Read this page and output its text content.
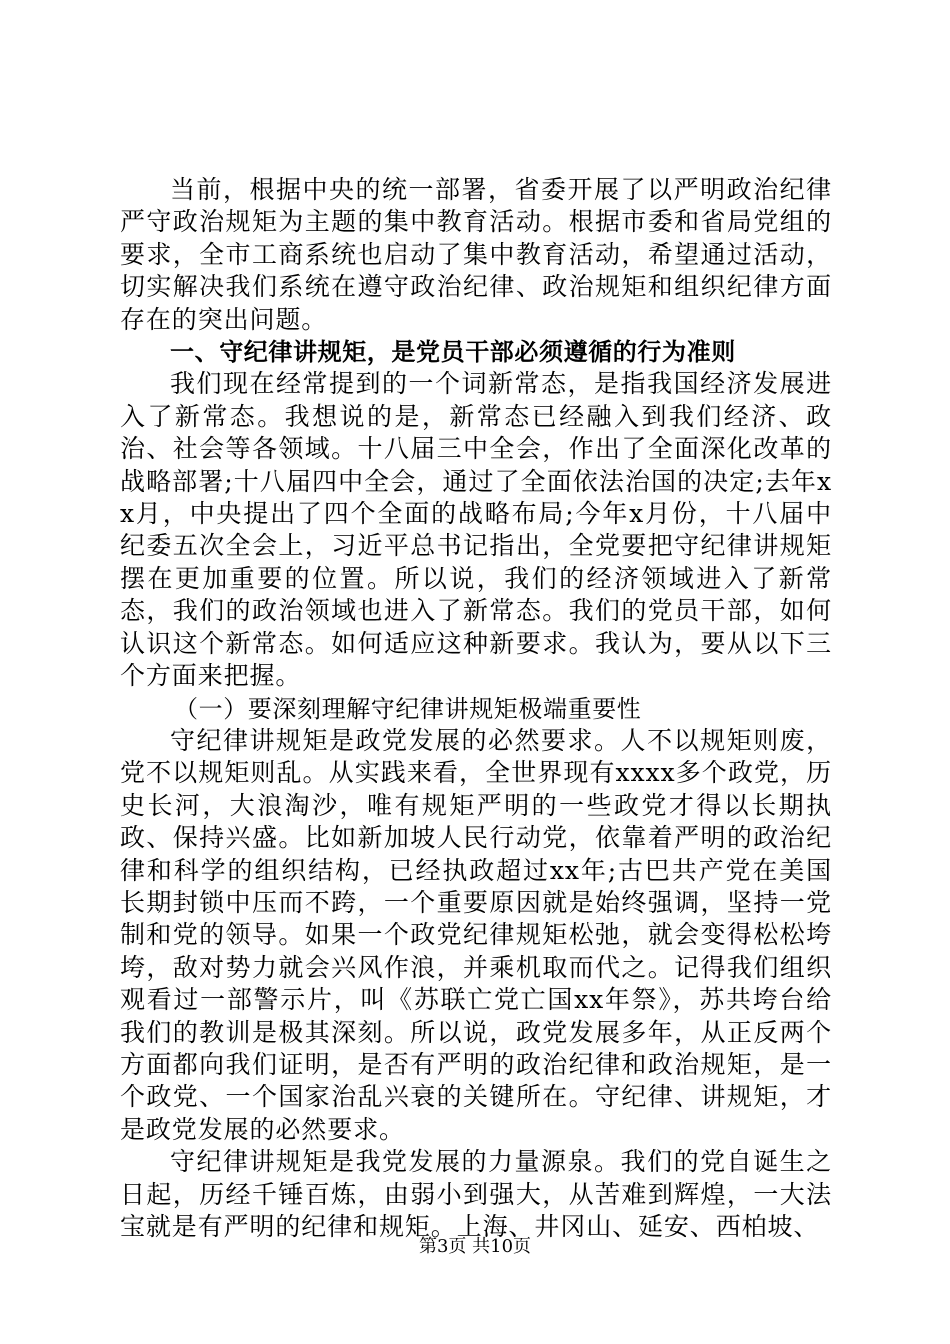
当前，根据中央的统一部署，省委开展了以严明政治纪律严守政治规矩为主题的集中教育活动。根据市委和省局党组的要求，全市工商系统也启动了集中教育活动，希望通过活动，切实解决我们系统在遵守政治纪律、政治规矩和组织纪律方面存在的突出问题。

一、守纪律讲规矩，是党员干部必须遵循的行为准则

我们现在经常提到的一个词新常态，是指我国经济发展进入了新常态。我想说的是，新常态已经融入到我们经济、政治、社会等各领域。十八届三中全会，作出了全面深化改革的战略部署;十八届四中全会，通过了全面依法治国的决定;去年xx月，中央提出了四个全面的战略布局;今年x月份，十八届中纪委五次全会上，习近平总书记指出，全党要把守纪律讲规矩摆在更加重要的位置。所以说，我们的经济领域进入了新常态，我们的政治领域也进入了新常态。我们的党员干部，如何认识这个新常态。如何适应这种新要求。我认为，要从以下三个方面来把握。

（一）要深刻理解守纪律讲规矩极端重要性

守纪律讲规矩是政党发展的必然要求。人不以规矩则废，党不以规矩则乱。从实践来看，全世界现有xxxx多个政党，历史长河，大浪淘沙，唯有规矩严明的一些政党才得以长期执政、保持兴盛。比如新加坡人民行动党，依靠着严明的政治纪律和科学的组织结构，已经执政超过xx年;古巴共产党在美国长期封锁中压而不跨，一个重要原因就是始终强调，坚持一党制和党的领导。如果一个政党纪律规矩松弛，就会变得松松垮垮，敌对势力就会兴风作浪，并乘机取而代之。记得我们组织观看过一部警示片，叫《苏联亡党亡国xx年祭》，苏共垮台给我们的教训是极其深刻。所以说，政党发展多年，从正反两个方面都向我们证明，是否有严明的政治纪律和政治规矩，是一个政党、一个国家治乱兴衰的关键所在。守纪律、讲规矩，才是政党发展的必然要求。

守纪律讲规矩是我党发展的力量源泉。我们的党自诞生之日起，历经千锤百炼，由弱小到强大，从苦难到辉煌，一大法宝就是有严明的纪律和规矩。上海、井冈山、延安、西柏坡、

第3页 共10页
